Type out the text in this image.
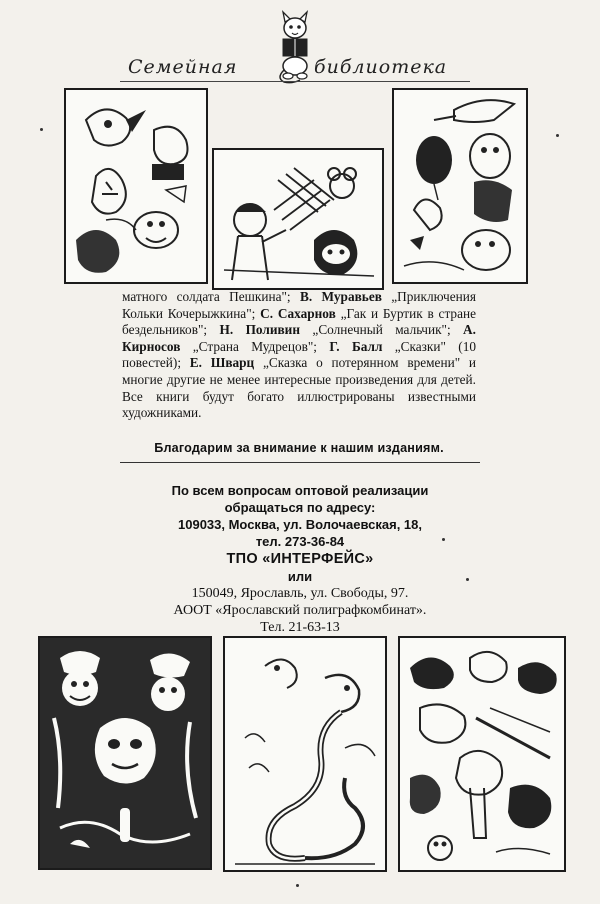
Семейная	библиотека

матного солдата Пешкина"; В. Муравьев „Приключения Кольки Кочерыжкина"; С. Сахарнов „Гак и Буртик в стране бездельников"; Н. Поливин „Солнечный мальчик"; А. Кирносов „Страна Мудрецов"; Г. Балл „Сказки" (10 повестей); Е. Шварц „Сказка о потерянном времени" и многие другие не менее интересные произведения для детей. Все книги будут богато иллюстрированы известными художниками.

Благодарим за внимание к нашим изданиям.
По всем вопросам оптовой реализации
обращаться по адресу:
109033, Москва, ул. Волочаевская, 18,
тел. 273-36-84
ТПО «ИНТЕРФЕЙС»
или
150049, Ярославль, ул. Свободы, 97.
АООТ «Ярославский полиграфкомбинат».
Тел. 21-63-13
